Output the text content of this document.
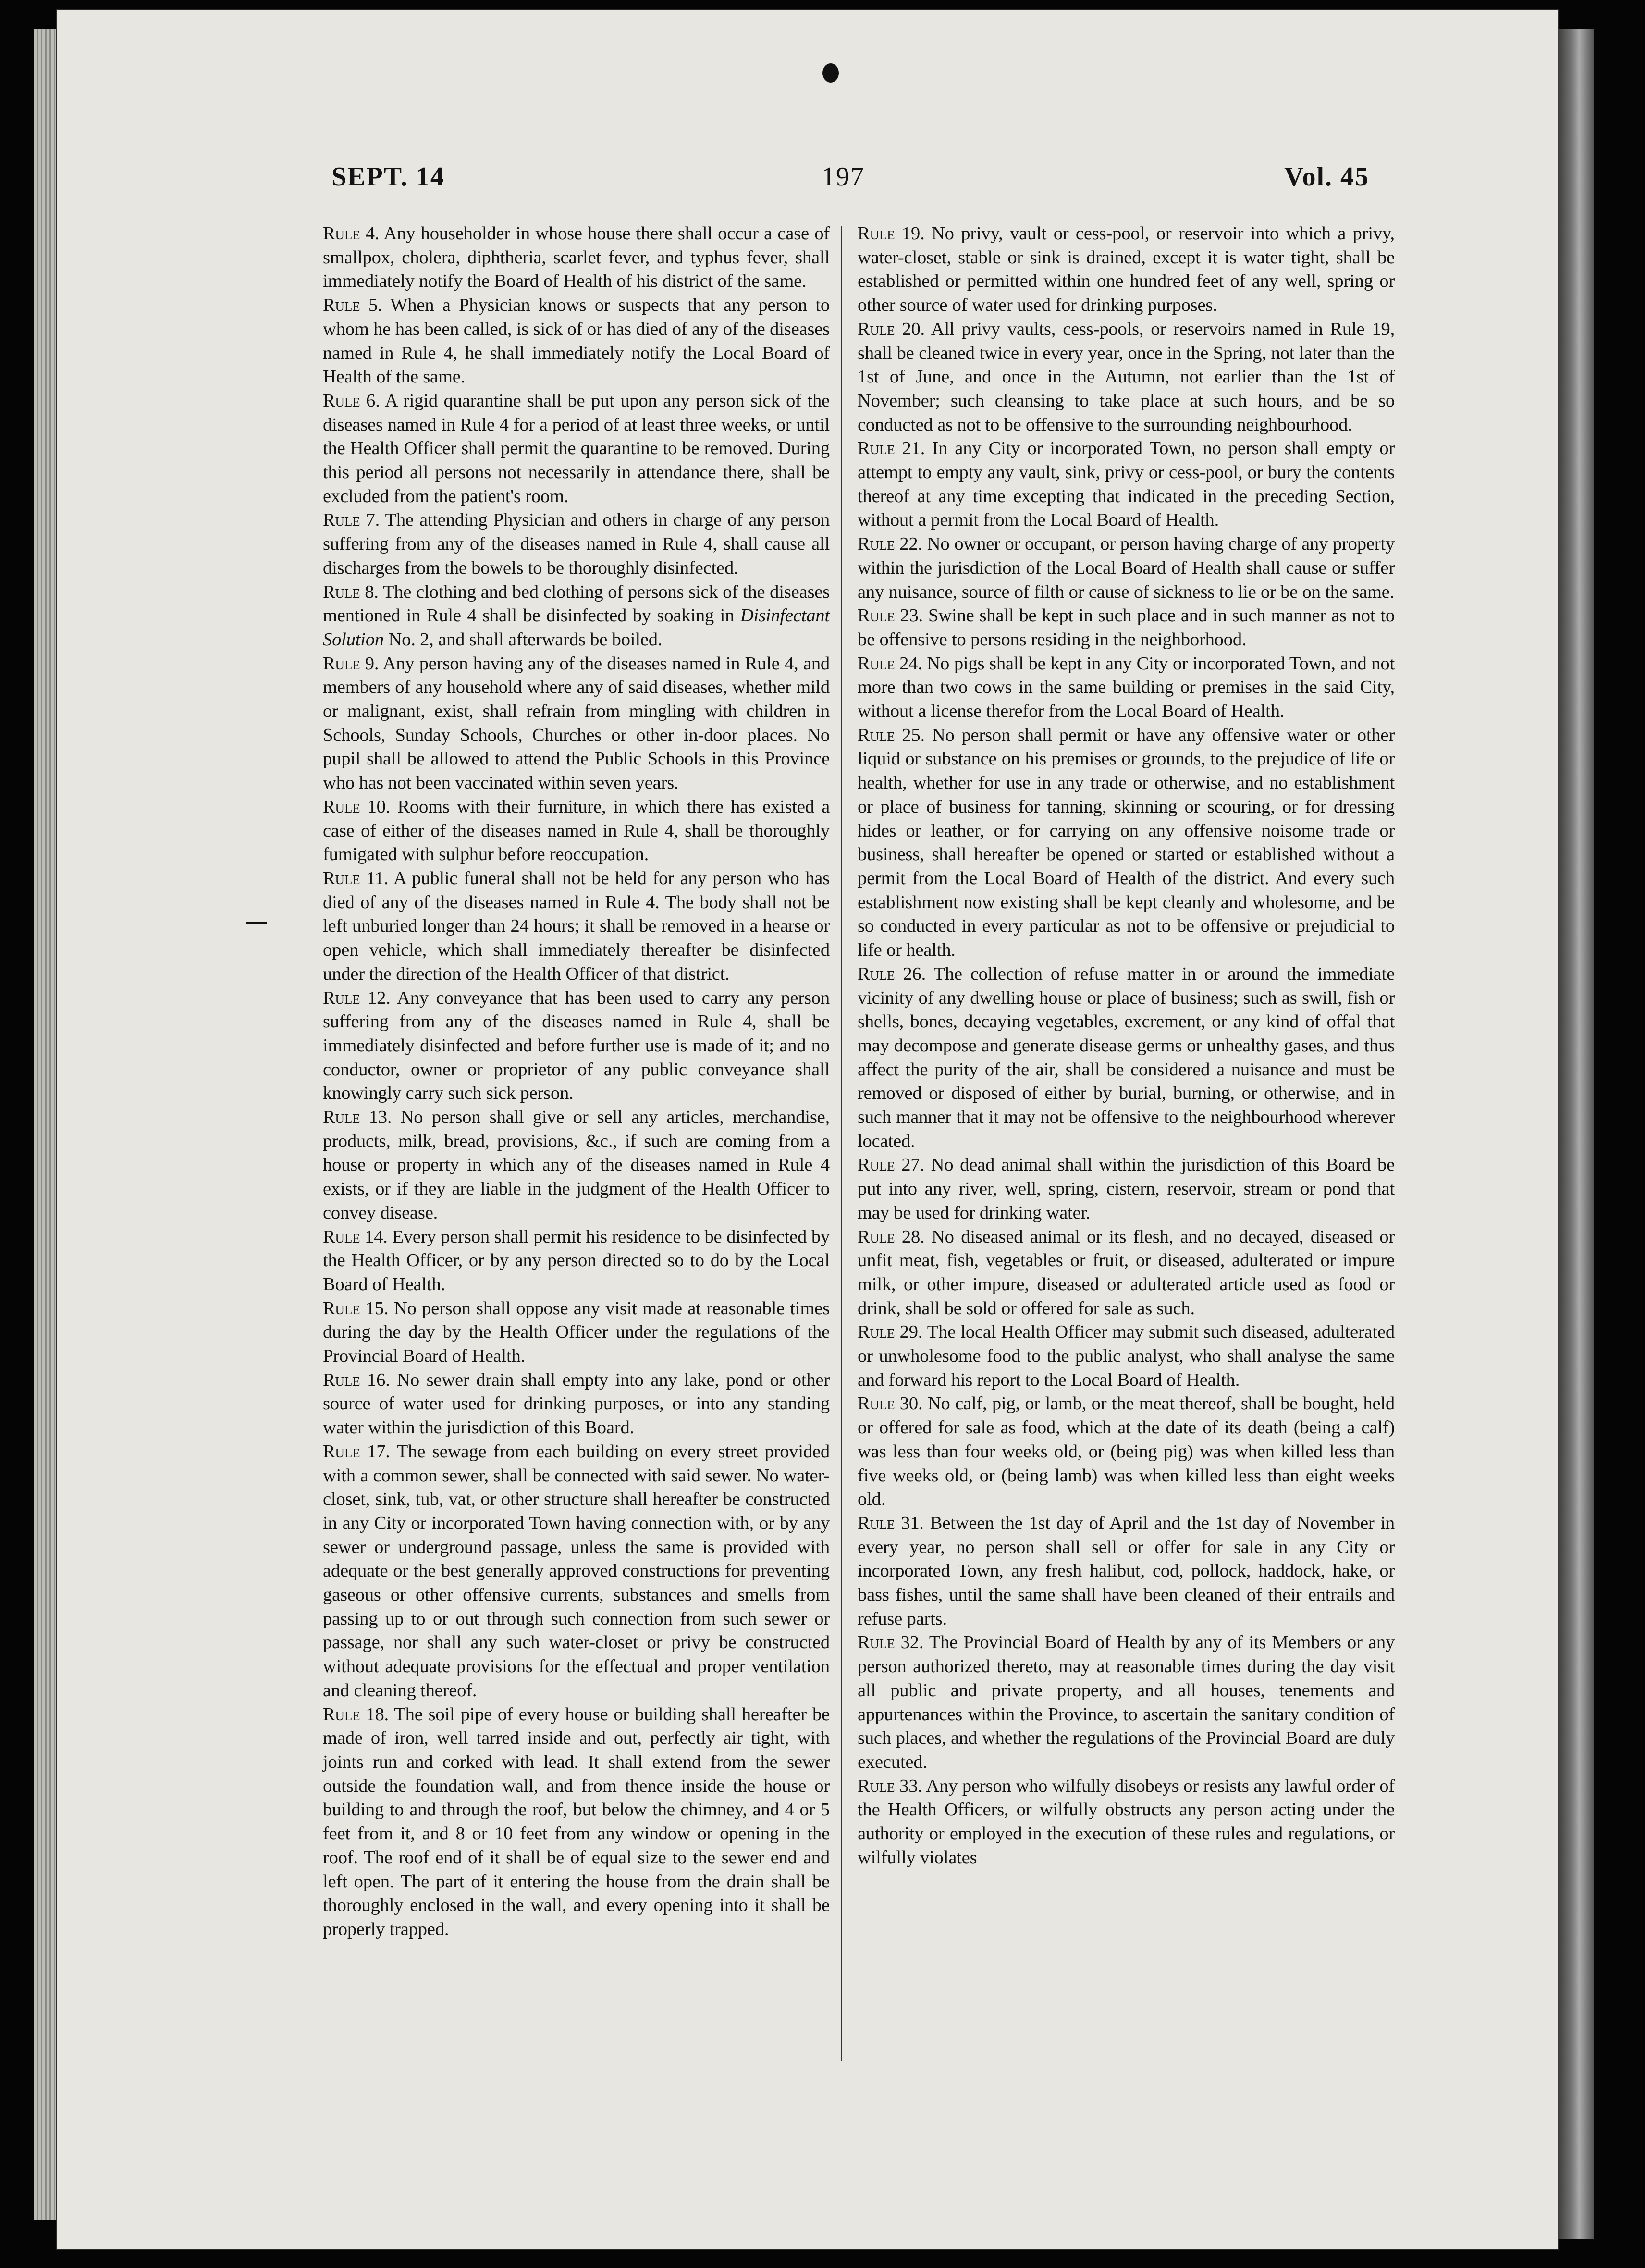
SEPT. 14	197	Vol. 45

Rule 4. Any householder in whose house there shall occur a case of smallpox, cholera, diphtheria, scarlet fever, and typhus fever, shall immediately notify the Board of Health of his district of the same.

Rule 5. When a Physician knows or suspects that any person to whom he has been called, is sick of or has died of any of the diseases named in Rule 4, he shall immediately notify the Local Board of Health of the same.

Rule 6. A rigid quarantine shall be put upon any person sick of the diseases named in Rule 4 for a period of at least three weeks, or until the Health Officer shall permit the quarantine to be removed. During this period all persons not necessarily in attendance there, shall be excluded from the patient's room.

Rule 7. The attending Physician and others in charge of any person suffering from any of the diseases named in Rule 4, shall cause all discharges from the bowels to be thoroughly disinfected.

Rule 8. The clothing and bed clothing of persons sick of the diseases mentioned in Rule 4 shall be disinfected by soaking in Disinfectant Solution No. 2, and shall afterwards be boiled.

Rule 9. Any person having any of the diseases named in Rule 4, and members of any household where any of said diseases, whether mild or malignant, exist, shall refrain from mingling with children in Schools, Sunday Schools, Churches or other in-door places. No pupil shall be allowed to attend the Public Schools in this Province who has not been vaccinated within seven years.

Rule 10. Rooms with their furniture, in which there has existed a case of either of the diseases named in Rule 4, shall be thoroughly fumigated with sulphur before reoccupation.

Rule 11. A public funeral shall not be held for any person who has died of any of the diseases named in Rule 4. The body shall not be left unburied longer than 24 hours; it shall be removed in a hearse or open vehicle, which shall immediately thereafter be disinfected under the direction of the Health Officer of that district.

Rule 12. Any conveyance that has been used to carry any person suffering from any of the diseases named in Rule 4, shall be immediately disinfected and before further use is made of it; and no conductor, owner or proprietor of any public conveyance shall knowingly carry such sick person.

Rule 13. No person shall give or sell any articles, merchandise, products, milk, bread, provisions, &c., if such are coming from a house or property in which any of the diseases named in Rule 4 exists, or if they are liable in the judgment of the Health Officer to convey disease.

Rule 14. Every person shall permit his residence to be disinfected by the Health Officer, or by any person directed so to do by the Local Board of Health.

Rule 15. No person shall oppose any visit made at reasonable times during the day by the Health Officer under the regulations of the Provincial Board of Health.

Rule 16. No sewer drain shall empty into any lake, pond or other source of water used for drinking purposes, or into any standing water within the jurisdiction of this Board.

Rule 17. The sewage from each building on every street provided with a common sewer, shall be connected with said sewer. No water-closet, sink, tub, vat, or other structure shall hereafter be constructed in any City or incorporated Town having connection with, or by any sewer or underground passage, unless the same is provided with adequate or the best generally approved constructions for preventing gaseous or other offensive currents, substances and smells from passing up to or out through such connection from such sewer or passage, nor shall any such water-closet or privy be constructed without adequate provisions for the effectual and proper ventilation and cleaning thereof.

Rule 18. The soil pipe of every house or building shall hereafter be made of iron, well tarred inside and out, perfectly air tight, with joints run and corked with lead. It shall extend from the sewer outside the foundation wall, and from thence inside the house or building to and through the roof, but below the chimney, and 4 or 5 feet from it, and 8 or 10 feet from any window or opening in the roof. The roof end of it shall be of equal size to the sewer end and left open. The part of it entering the house from the drain shall be thoroughly enclosed in the wall, and every opening into it shall be properly trapped.

Rule 19. No privy, vault or cess-pool, or reservoir into which a privy, water-closet, stable or sink is drained, except it is water tight, shall be established or permitted within one hundred feet of any well, spring or other source of water used for drinking purposes.

Rule 20. All privy vaults, cess-pools, or reservoirs named in Rule 19, shall be cleaned twice in every year, once in the Spring, not later than the 1st of June, and once in the Autumn, not earlier than the 1st of November; such cleansing to take place at such hours, and be so conducted as not to be offensive to the surrounding neighbourhood.

Rule 21. In any City or incorporated Town, no person shall empty or attempt to empty any vault, sink, privy or cess-pool, or bury the contents thereof at any time excepting that indicated in the preceding Section, without a permit from the Local Board of Health.

Rule 22. No owner or occupant, or person having charge of any property within the jurisdiction of the Local Board of Health shall cause or suffer any nuisance, source of filth or cause of sickness to lie or be on the same.

Rule 23. Swine shall be kept in such place and in such manner as not to be offensive to persons residing in the neighborhood.

Rule 24. No pigs shall be kept in any City or incorporated Town, and not more than two cows in the same building or premises in the said City, without a license therefor from the Local Board of Health.

Rule 25. No person shall permit or have any offensive water or other liquid or substance on his premises or grounds, to the prejudice of life or health, whether for use in any trade or otherwise, and no establishment or place of business for tanning, skinning or scouring, or for dressing hides or leather, or for carrying on any offensive noisome trade or business, shall hereafter be opened or started or established without a permit from the Local Board of Health of the district. And every such establishment now existing shall be kept cleanly and wholesome, and be so conducted in every particular as not to be offensive or prejudicial to life or health.

Rule 26. The collection of refuse matter in or around the immediate vicinity of any dwelling house or place of business; such as swill, fish or shells, bones, decaying vegetables, excrement, or any kind of offal that may decompose and generate disease germs or unhealthy gases, and thus affect the purity of the air, shall be considered a nuisance and must be removed or disposed of either by burial, burning, or otherwise, and in such manner that it may not be offensive to the neighbourhood wherever located.

Rule 27. No dead animal shall within the jurisdiction of this Board be put into any river, well, spring, cistern, reservoir, stream or pond that may be used for drinking water.

Rule 28. No diseased animal or its flesh, and no decayed, diseased or unfit meat, fish, vegetables or fruit, or diseased, adulterated or impure milk, or other impure, diseased or adulterated article used as food or drink, shall be sold or offered for sale as such.

Rule 29. The local Health Officer may submit such diseased, adulterated or unwholesome food to the public analyst, who shall analyse the same and forward his report to the Local Board of Health.

Rule 30. No calf, pig, or lamb, or the meat thereof, shall be bought, held or offered for sale as food, which at the date of its death (being a calf) was less than four weeks old, or (being pig) was when killed less than five weeks old, or (being lamb) was when killed less than eight weeks old.

Rule 31. Between the 1st day of April and the 1st day of November in every year, no person shall sell or offer for sale in any City or incorporated Town, any fresh halibut, cod, pollock, haddock, hake, or bass fishes, until the same shall have been cleaned of their entrails and refuse parts.

Rule 32. The Provincial Board of Health by any of its Members or any person authorized thereto, may at reasonable times during the day visit all public and private property, and all houses, tenements and appurtenances within the Province, to ascertain the sanitary condition of such places, and whether the regulations of the Provincial Board are duly executed.

Rule 33. Any person who wilfully disobeys or resists any lawful order of the Health Officers, or wilfully obstructs any person acting under the authority or employed in the execution of these rules and regulations, or wilfully violates
